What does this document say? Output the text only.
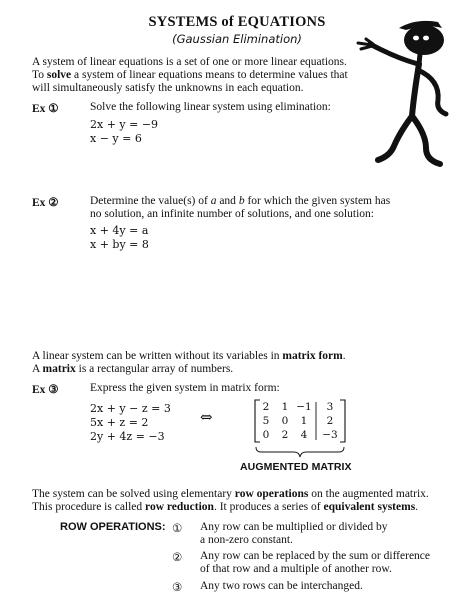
SYSTEMS of EQUATIONS
(Gaussian Elimination)
A system of linear equations is a set of one or more linear equations.
To solve a system of linear equations means to determine values that
will simultaneously satisfy the unknowns in each equation.
Ex ①	Solve the following linear system using elimination:
2x + y = −9
x − y = 6
Ex ②	Determine the value(s) of a and b for which the given system has
no solution, an infinite number of solutions, and one solution:
x + 4y = a
x + by = 8
A linear system can be written without its variables in matrix form.
A matrix is a rectangular array of numbers.
Ex ③	Express the given system in matrix form:
2x + y − z = 3
5x + z = 2
2y + 4z = −3
⇔
2 1 −1 3
5 0 1 2
0 2 4 −3
AUGMENTED MATRIX
The system can be solved using elementary row operations on the augmented matrix.
This procedure is called row reduction. It produces a series of equivalent systems.
ROW OPERATIONS: ① Any row can be multiplied or divided by
a non-zero constant.
② Any row can be replaced by the sum or difference
of that row and a multiple of another row.
③ Any two rows can be interchanged.
